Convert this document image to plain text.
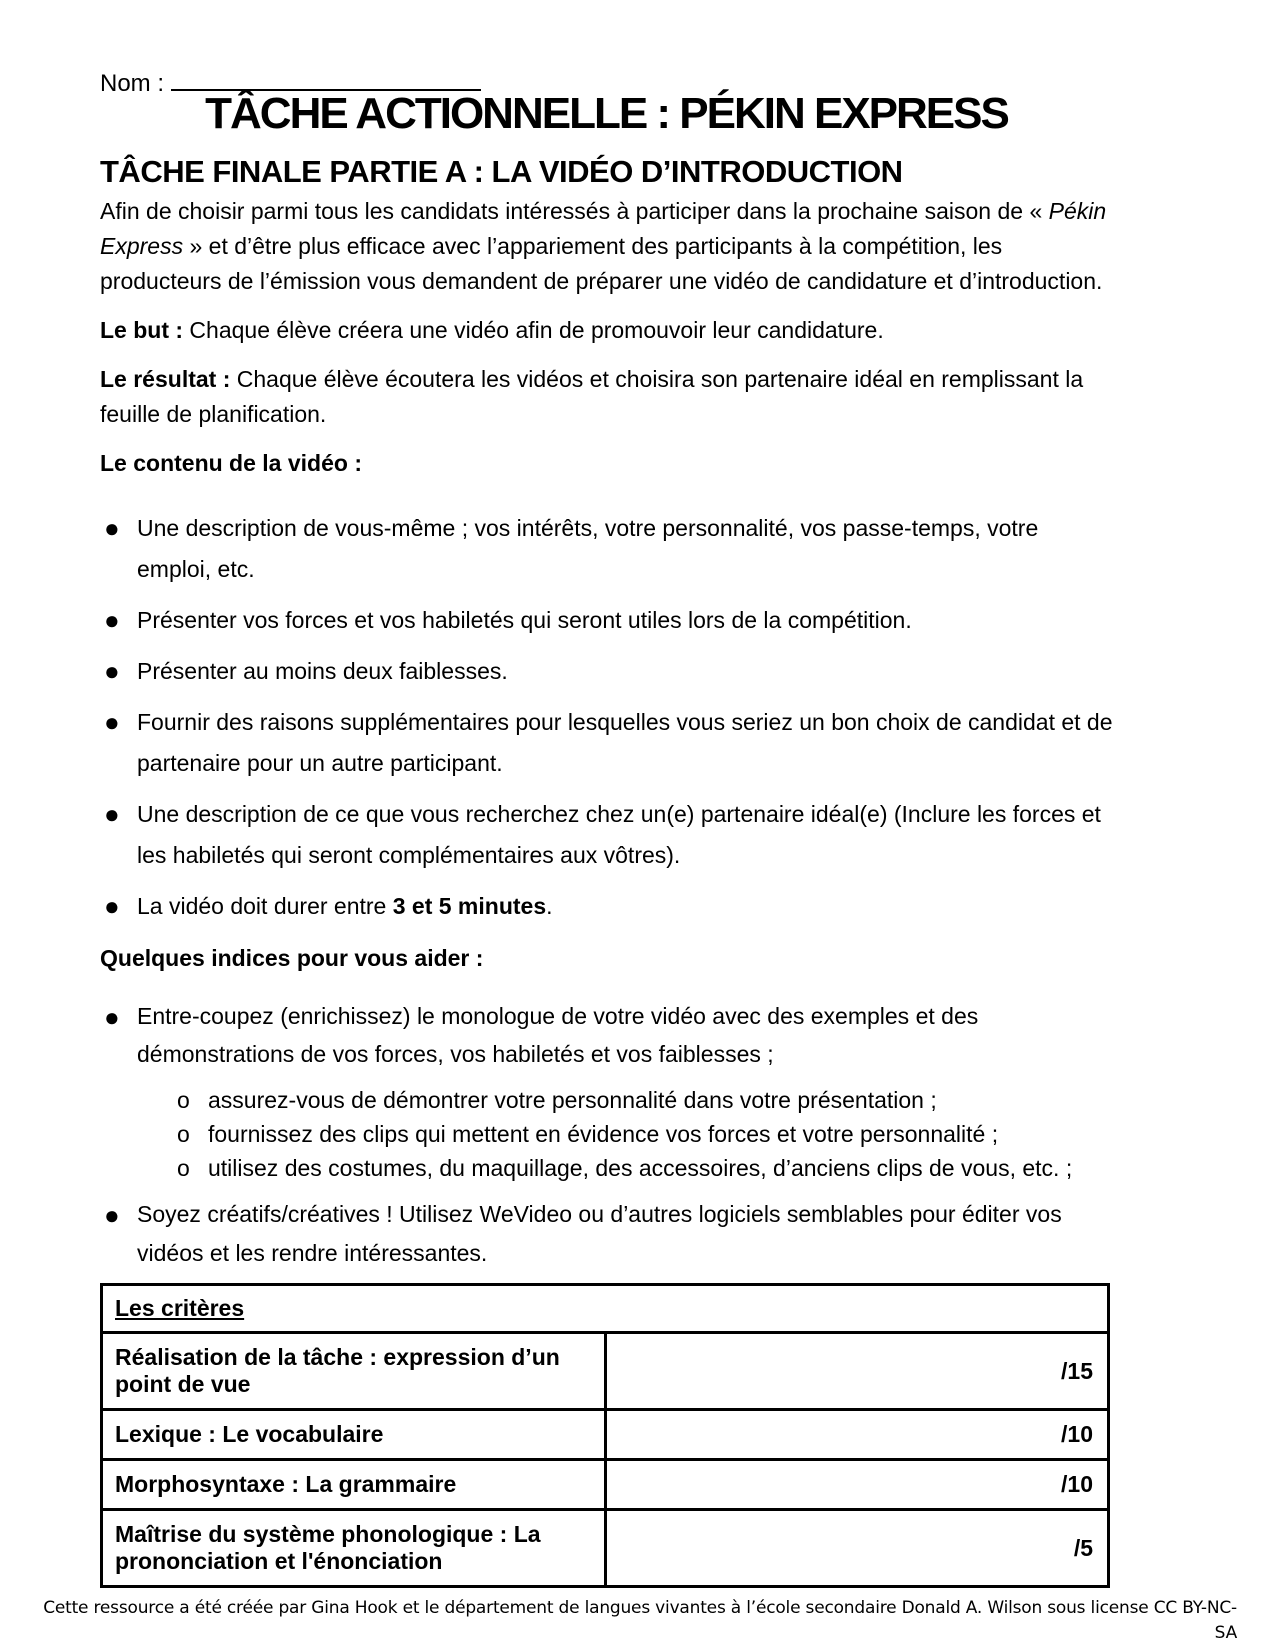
Nom :
TÂCHE ACTIONNELLE : PÉKIN EXPRESS
TÂCHE FINALE PARTIE A : LA VIDÉO D’INTRODUCTION

Afin de choisir parmi tous les candidats intéressés à participer dans la prochaine saison de « Pékin Express » et d’être plus efficace avec l’appariement des participants à la compétition, les producteurs de l’émission vous demandent de préparer une vidéo de candidature et d’introduction.

Le but : Chaque élève créera une vidéo afin de promouvoir leur candidature.

Le résultat : Chaque élève écoutera les vidéos et choisira son partenaire idéal en remplissant la feuille de planification.

Le contenu de la vidéo :

● Une description de vous-même ; vos intérêts, votre personnalité, vos passe-temps, votre emploi, etc.
● Présenter vos forces et vos habiletés qui seront utiles lors de la compétition.
● Présenter au moins deux faiblesses.
● Fournir des raisons supplémentaires pour lesquelles vous seriez un bon choix de candidat et de partenaire pour un autre participant.
● Une description de ce que vous recherchez chez un(e) partenaire idéal(e) (Inclure les forces et les habiletés qui seront complémentaires aux vôtres).
● La vidéo doit durer entre 3 et 5 minutes.

Quelques indices pour vous aider :

● Entre-coupez (enrichissez) le monologue de votre vidéo avec des exemples et des démonstrations de vos forces, vos habiletés et vos faiblesses ;
o assurez-vous de démontrer votre personnalité dans votre présentation ;
o fournissez des clips qui mettent en évidence vos forces et votre personnalité ;
o utilisez des costumes, du maquillage, des accessoires, d’anciens clips de vous, etc. ;
● Soyez créatifs/créatives ! Utilisez WeVideo ou d’autres logiciels semblables pour éditer vos vidéos et les rendre intéressantes.
Les critères	
Réalisation de la tâche : expression d’un point de vue	/15
Lexique : Le vocabulaire	/10
Morphosyntaxe : La grammaire	/10
Maîtrise du système phonologique : La prononciation et l'énonciation	/5
Cette ressource a été créée par Gina Hook et le département de langues vivantes à l’école secondaire Donald A. Wilson sous license CC BY-NC-
SA
